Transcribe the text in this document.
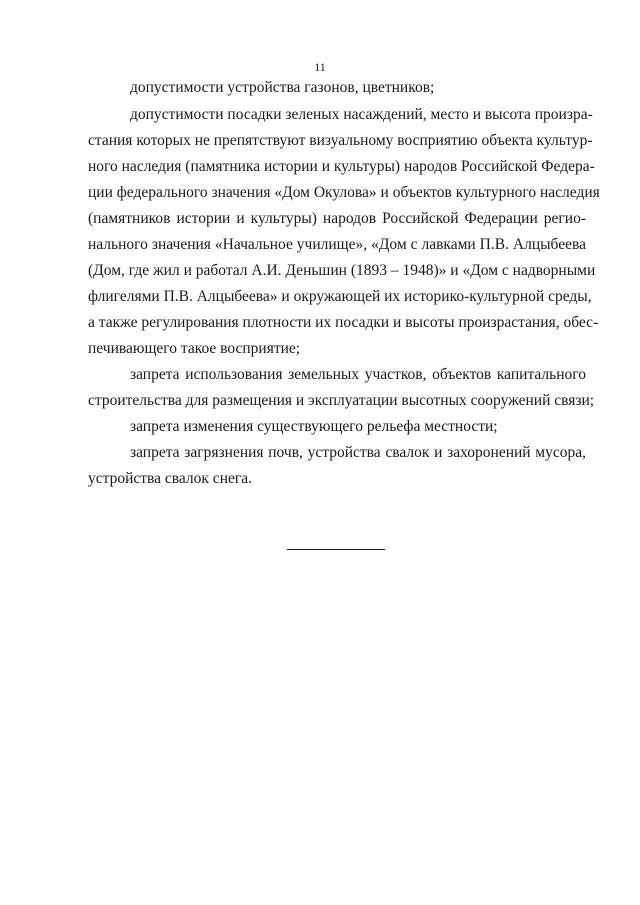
11
допустимости устройства газонов, цветников;
допустимости посадки зеленых насаждений, место и высота произра-
стания которых не препятствуют визуальному восприятию объекта культур-
ного наследия (памятника истории и культуры) народов Российской Федера-
ции федерального значения «Дом Окулова» и объектов культурного наследия
(памятников истории и культуры) народов Российской Федерации регио-
нального значения «Начальное училище», «Дом с лавками П.В. Алцыбеева
(Дом, где жил и работал А.И. Деньшин (1893 – 1948)» и «Дом с надворными
флигелями П.В. Алцыбеева» и окружающей их историко-культурной среды,
а также регулирования плотности их посадки и высоты произрастания, обес-
печивающего такое восприятие;
запрета использования земельных участков, объектов капитального
строительства для размещения и эксплуатации высотных сооружений связи;
запрета изменения существующего рельефа местности;
запрета загрязнения почв, устройства свалок и захоронений мусора,
устройства свалок снега.
